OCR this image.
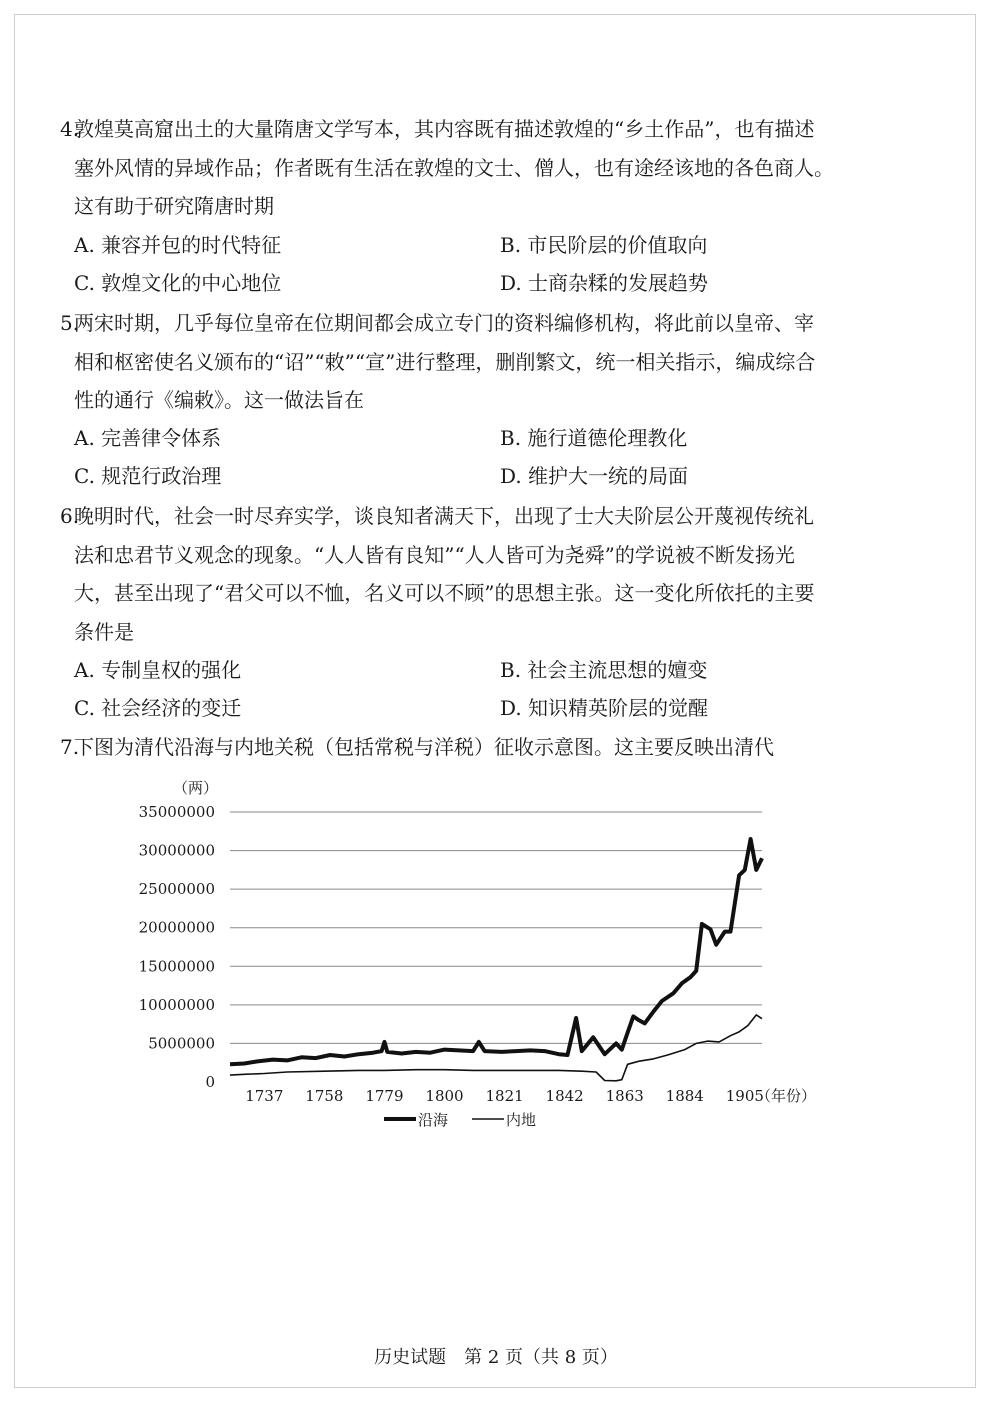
4.

敦煌莫高窟出土的大量隋唐文学写本，其内容既有描述敦煌的“乡土作品”，也有描述

塞外风情的异域作品；作者既有生活在敦煌的文士、僧人，也有途经该地的各色商人。

这有助于研究隋唐时期

A. 兼容并包的时代特征	B. 市民阶层的价值取向
C. 敦煌文化的中心地位	D. 士商杂糅的发展趋势
5.

两宋时期，几乎每位皇帝在位期间都会成立专门的资料编修机构，将此前以皇帝、宰

相和枢密使名义颁布的“诏”“敕”“宣”进行整理，删削繁文，统一相关指示，编成综合

性的通行《编敕》。这一做法旨在

A. 完善律令体系	B. 施行道德伦理教化
C. 规范行政治理	D. 维护大一统的局面
6.

晚明时代，社会一时尽弃实学，谈良知者满天下，出现了士大夫阶层公开蔑视传统礼

法和忠君节义观念的现象。“人人皆有良知”“人人皆可为尧舜”的学说被不断发扬光

大，甚至出现了“君父可以不恤，名义可以不顾”的思想主张。这一变化所依托的主要

条件是

A. 专制皇权的强化	B. 社会主流思想的嬗变
C. 社会经济的变迁	D. 知识精英阶层的觉醒
7.

下图为清代沿海与内地关税（包括常税与洋税）征收示意图。这主要反映出清代

35000000
30000000
25000000
20000000
15000000
10000000
5000000
0
1737 1758 1779 1800 1821 1842 1863 1884 1905
（两）
（年份）
沿海	内地
历史试题　第 2 页（共 8 页）
